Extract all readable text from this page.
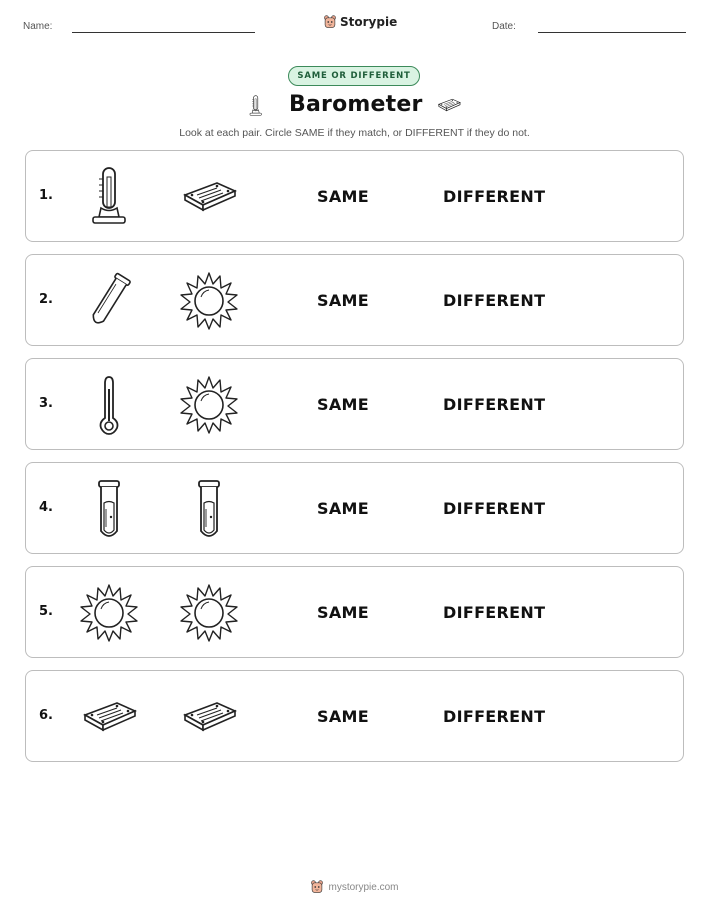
Name:	Storypie	Date:
SAME OR DIFFERENT
Barometer
Look at each pair. Circle SAME if they match, or DIFFERENT if they do not.
1.	SAME	DIFFERENT
2.	SAME	DIFFERENT
3.	SAME	DIFFERENT
4.	SAME	DIFFERENT
5.	SAME	DIFFERENT
6.	SAME	DIFFERENT
mystorypie.com
